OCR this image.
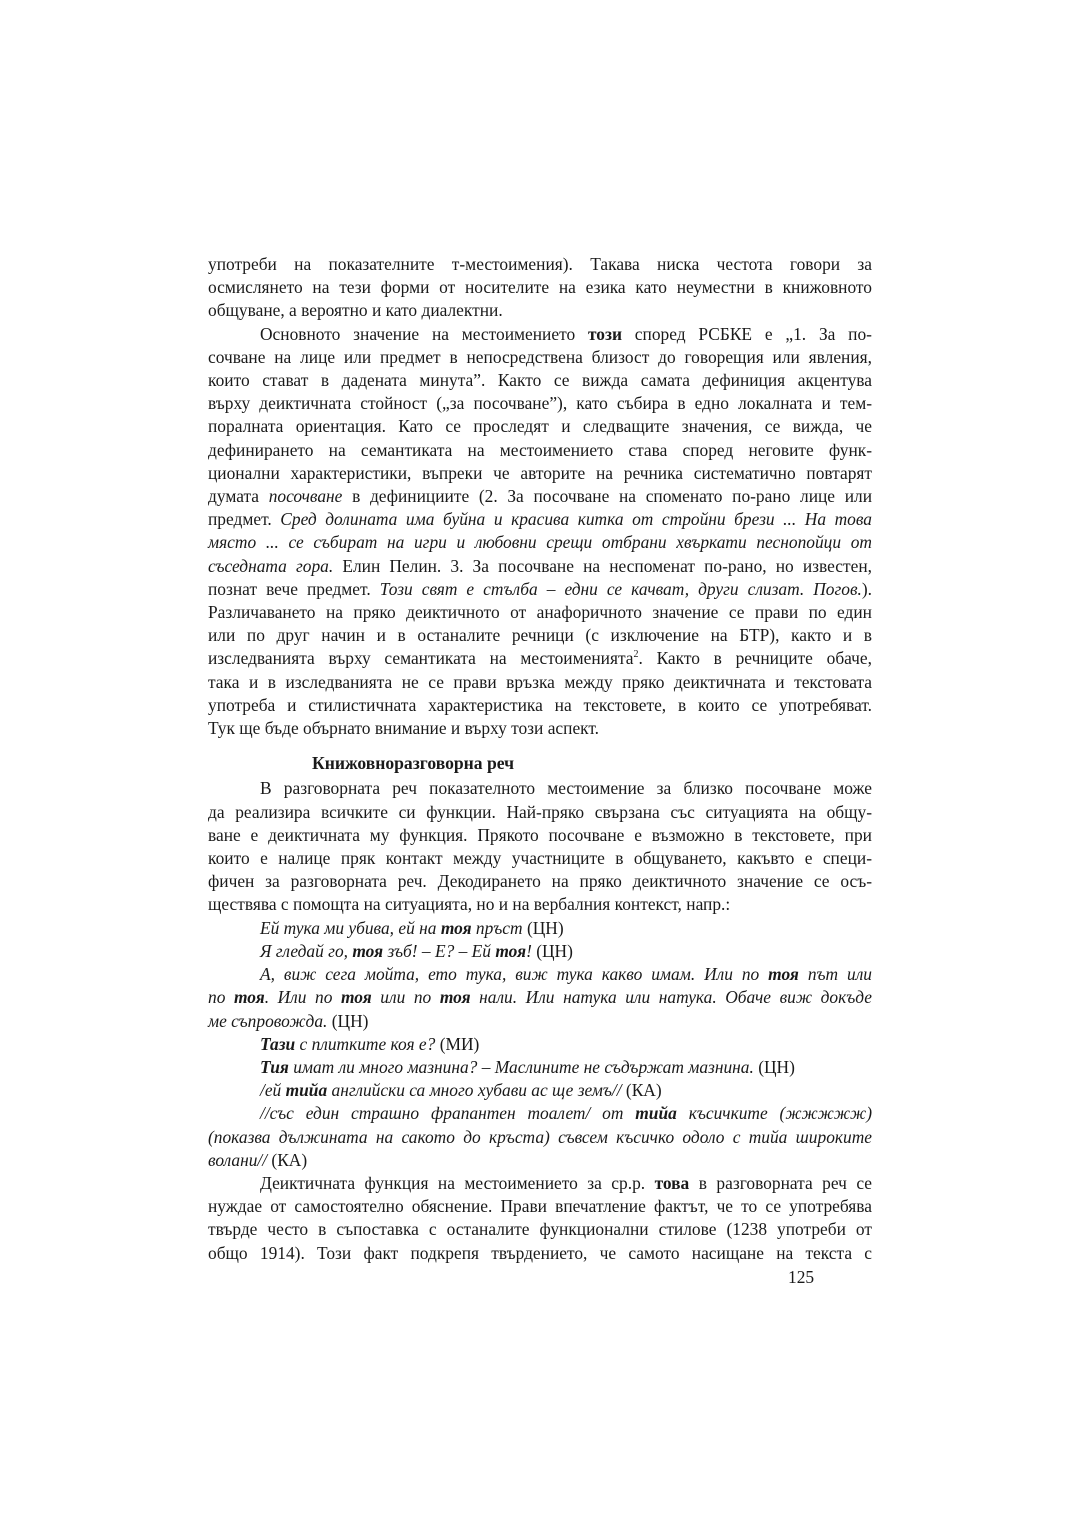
употреби на показателните т-местоимения). Такава ниска честота говори за
осмислянето на тези форми от носителите на езика като неуместни в книжовното
общуване, а вероятно и като диалектни.
Основното значение на местоимението този според РСБКЕ е „1. За по-
сочване на лице или предмет в непосредствена близост до говорещия или явления,
които стават в дадената минута”. Както се вижда самата дефиниция акцентува
върху деиктичната стойност („за посочване”), като събира в едно локалната и тем-
поралната ориентация. Като се проследят и следващите значения, се вижда, че
дефинирането на семантиката на местоимението става според неговите функ-
ционални характеристики, въпреки че авторите на речника систематично повтарят
думата посочване в дефинициите (2. За посочване на споменато по-рано лице или
предмет. Сред долината има буйна и красива китка от стройни брези ... На това
място ... се събират на игри и любовни срещи отбрани хвъркати песнопойци от
съседната гора. Елин Пелин. 3. За посочване на неспоменат по-рано, но известен,
познат вече предмет. Този свят е стълба – едни се качват, други слизат. Погов.).
Различаването на пряко деиктичното от анафоричното значение се прави по един
или по друг начин и в останалите речници (с изключение на БТР), както и в
изследванията върху семантиката на местоименията$^2$. Както в речниците обаче,
така и в изследванията не се прави връзка между пряко деиктичната и текстовата
употреба и стилистичната характеристика на текстовете, в които се употребяват.
Тук ще бъде обърнато внимание и върху този аспект.
Книжовноразговорна реч
В разговорната реч показателното местоимение за близко посочване може
да реализира всичките си функции. Най-пряко свързана със ситуацията на общу-
ване е деиктичната му функция. Прякото посочване е възможно в текстовете, при
които е налице пряк контакт между участниците в общуването, какъвто е специ-
фичен за разговорната реч. Декодирането на пряко деиктичното значение се осъ-
ществява с помощта на ситуацията, но и на вербалния контекст, напр.:
Ей тука ми убива, ей на тоя пръст (ЦН)
Я гледай го, тоя зъб! – Е? – Ей тоя! (ЦН)
А, виж сега мойта, ето тука, виж тука какво имам. Или по тоя път или
по тоя. Или по тоя или по тоя нали. Или натука или натука. Обаче виж докъде
ме съпровожда. (ЦН)
Тази с плитките коя е? (МИ)
Тия имат ли много мазнина? – Маслините не съдържат мазнина. (ЦН)
/ей тийа английски са много хубави ас ще земъ// (КА)
//със един страшно фрапантен тоалет/ от тийа късичките (жжжжж)
(показва дължината на сакото до кръста) съвсем късичко одоло с тийа широките
волани// (КА)
Деиктичната функция на местоимението за ср.р. това в разговорната реч се
нуждае от самостоятелно обяснение. Прави впечатление фактът, че то се употребява
твърде често в съпоставка с останалите функционални стилове (1238 употреби от
общо 1914). Този факт подкрепя твърдението, че самото насищане на текста с
125
